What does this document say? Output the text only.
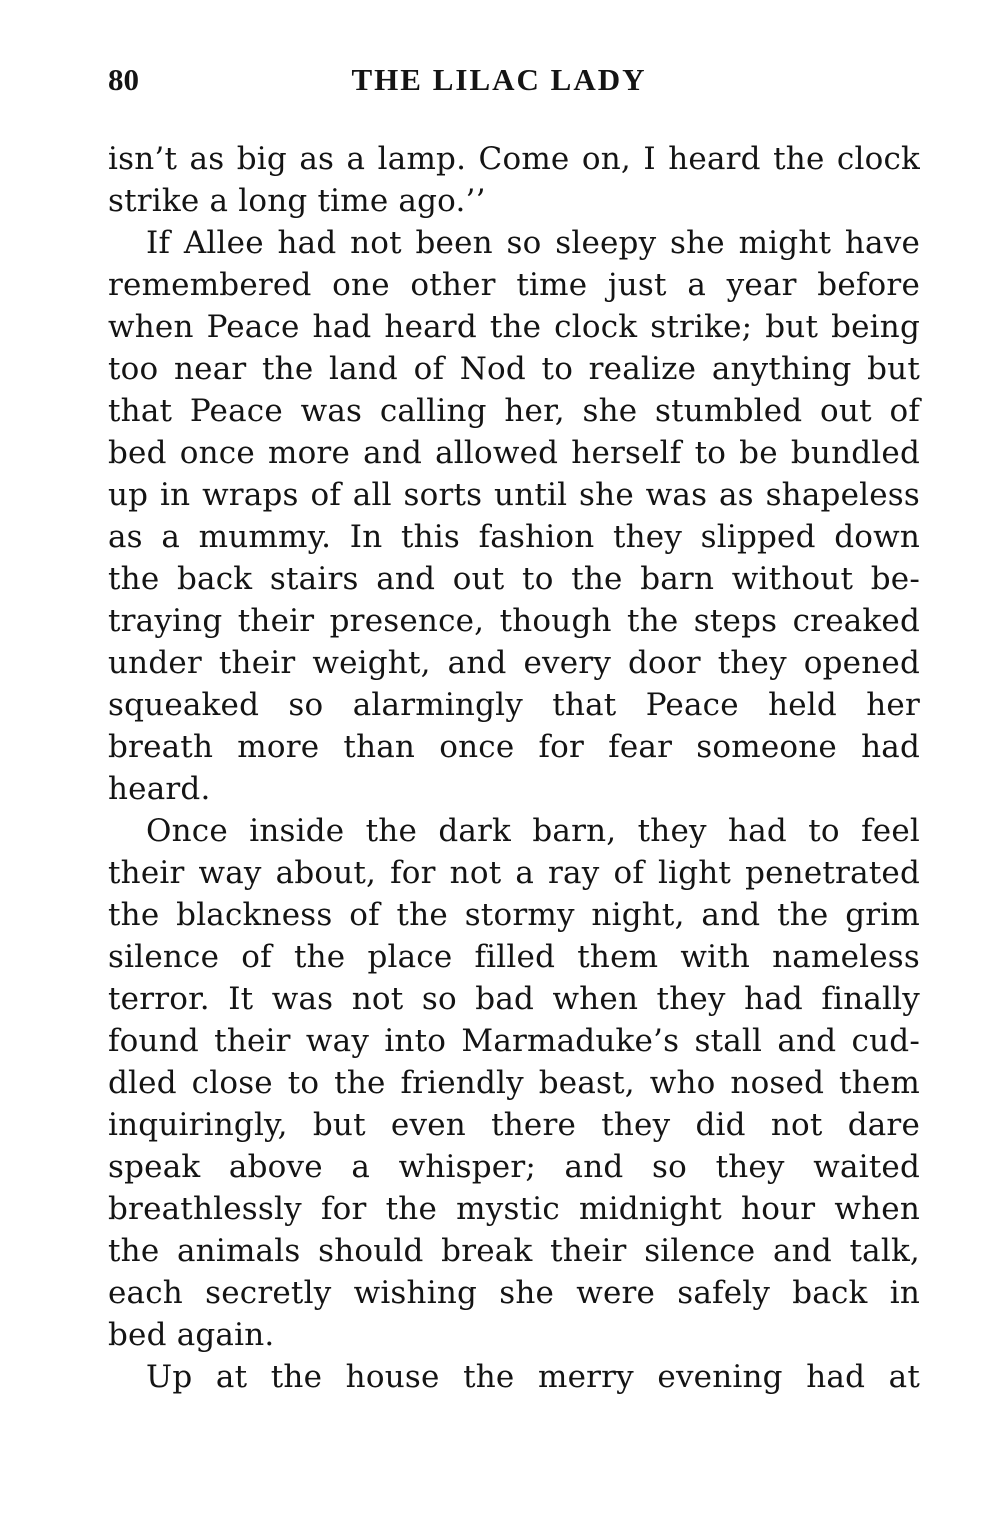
80	THE LILAC LADY
isn’t as big as a lamp. Come on, I heard the clock
strike a long time ago.’’
If Allee had not been so sleepy she might have
remembered one other time just a year before
when Peace had heard the clock strike; but being
too near the land of Nod to realize anything but
that Peace was calling her, she stumbled out of
bed once more and allowed herself to be bundled
up in wraps of all sorts until she was as shapeless
as a mummy. In this fashion they slipped down
the back stairs and out to the barn without be-
traying their presence, though the steps creaked
under their weight, and every door they opened
squeaked so alarmingly that Peace held her
breath more than once for fear someone had
heard.
Once inside the dark barn, they had to feel
their way about, for not a ray of light penetrated
the blackness of the stormy night, and the grim
silence of the place filled them with nameless
terror. It was not so bad when they had finally
found their way into Marmaduke’s stall and cud-
dled close to the friendly beast, who nosed them
inquiringly, but even there they did not dare
speak above a whisper; and so they waited
breathlessly for the mystic midnight hour when
the animals should break their silence and talk,
each secretly wishing she were safely back in
bed again.
Up at the house the merry evening had at
